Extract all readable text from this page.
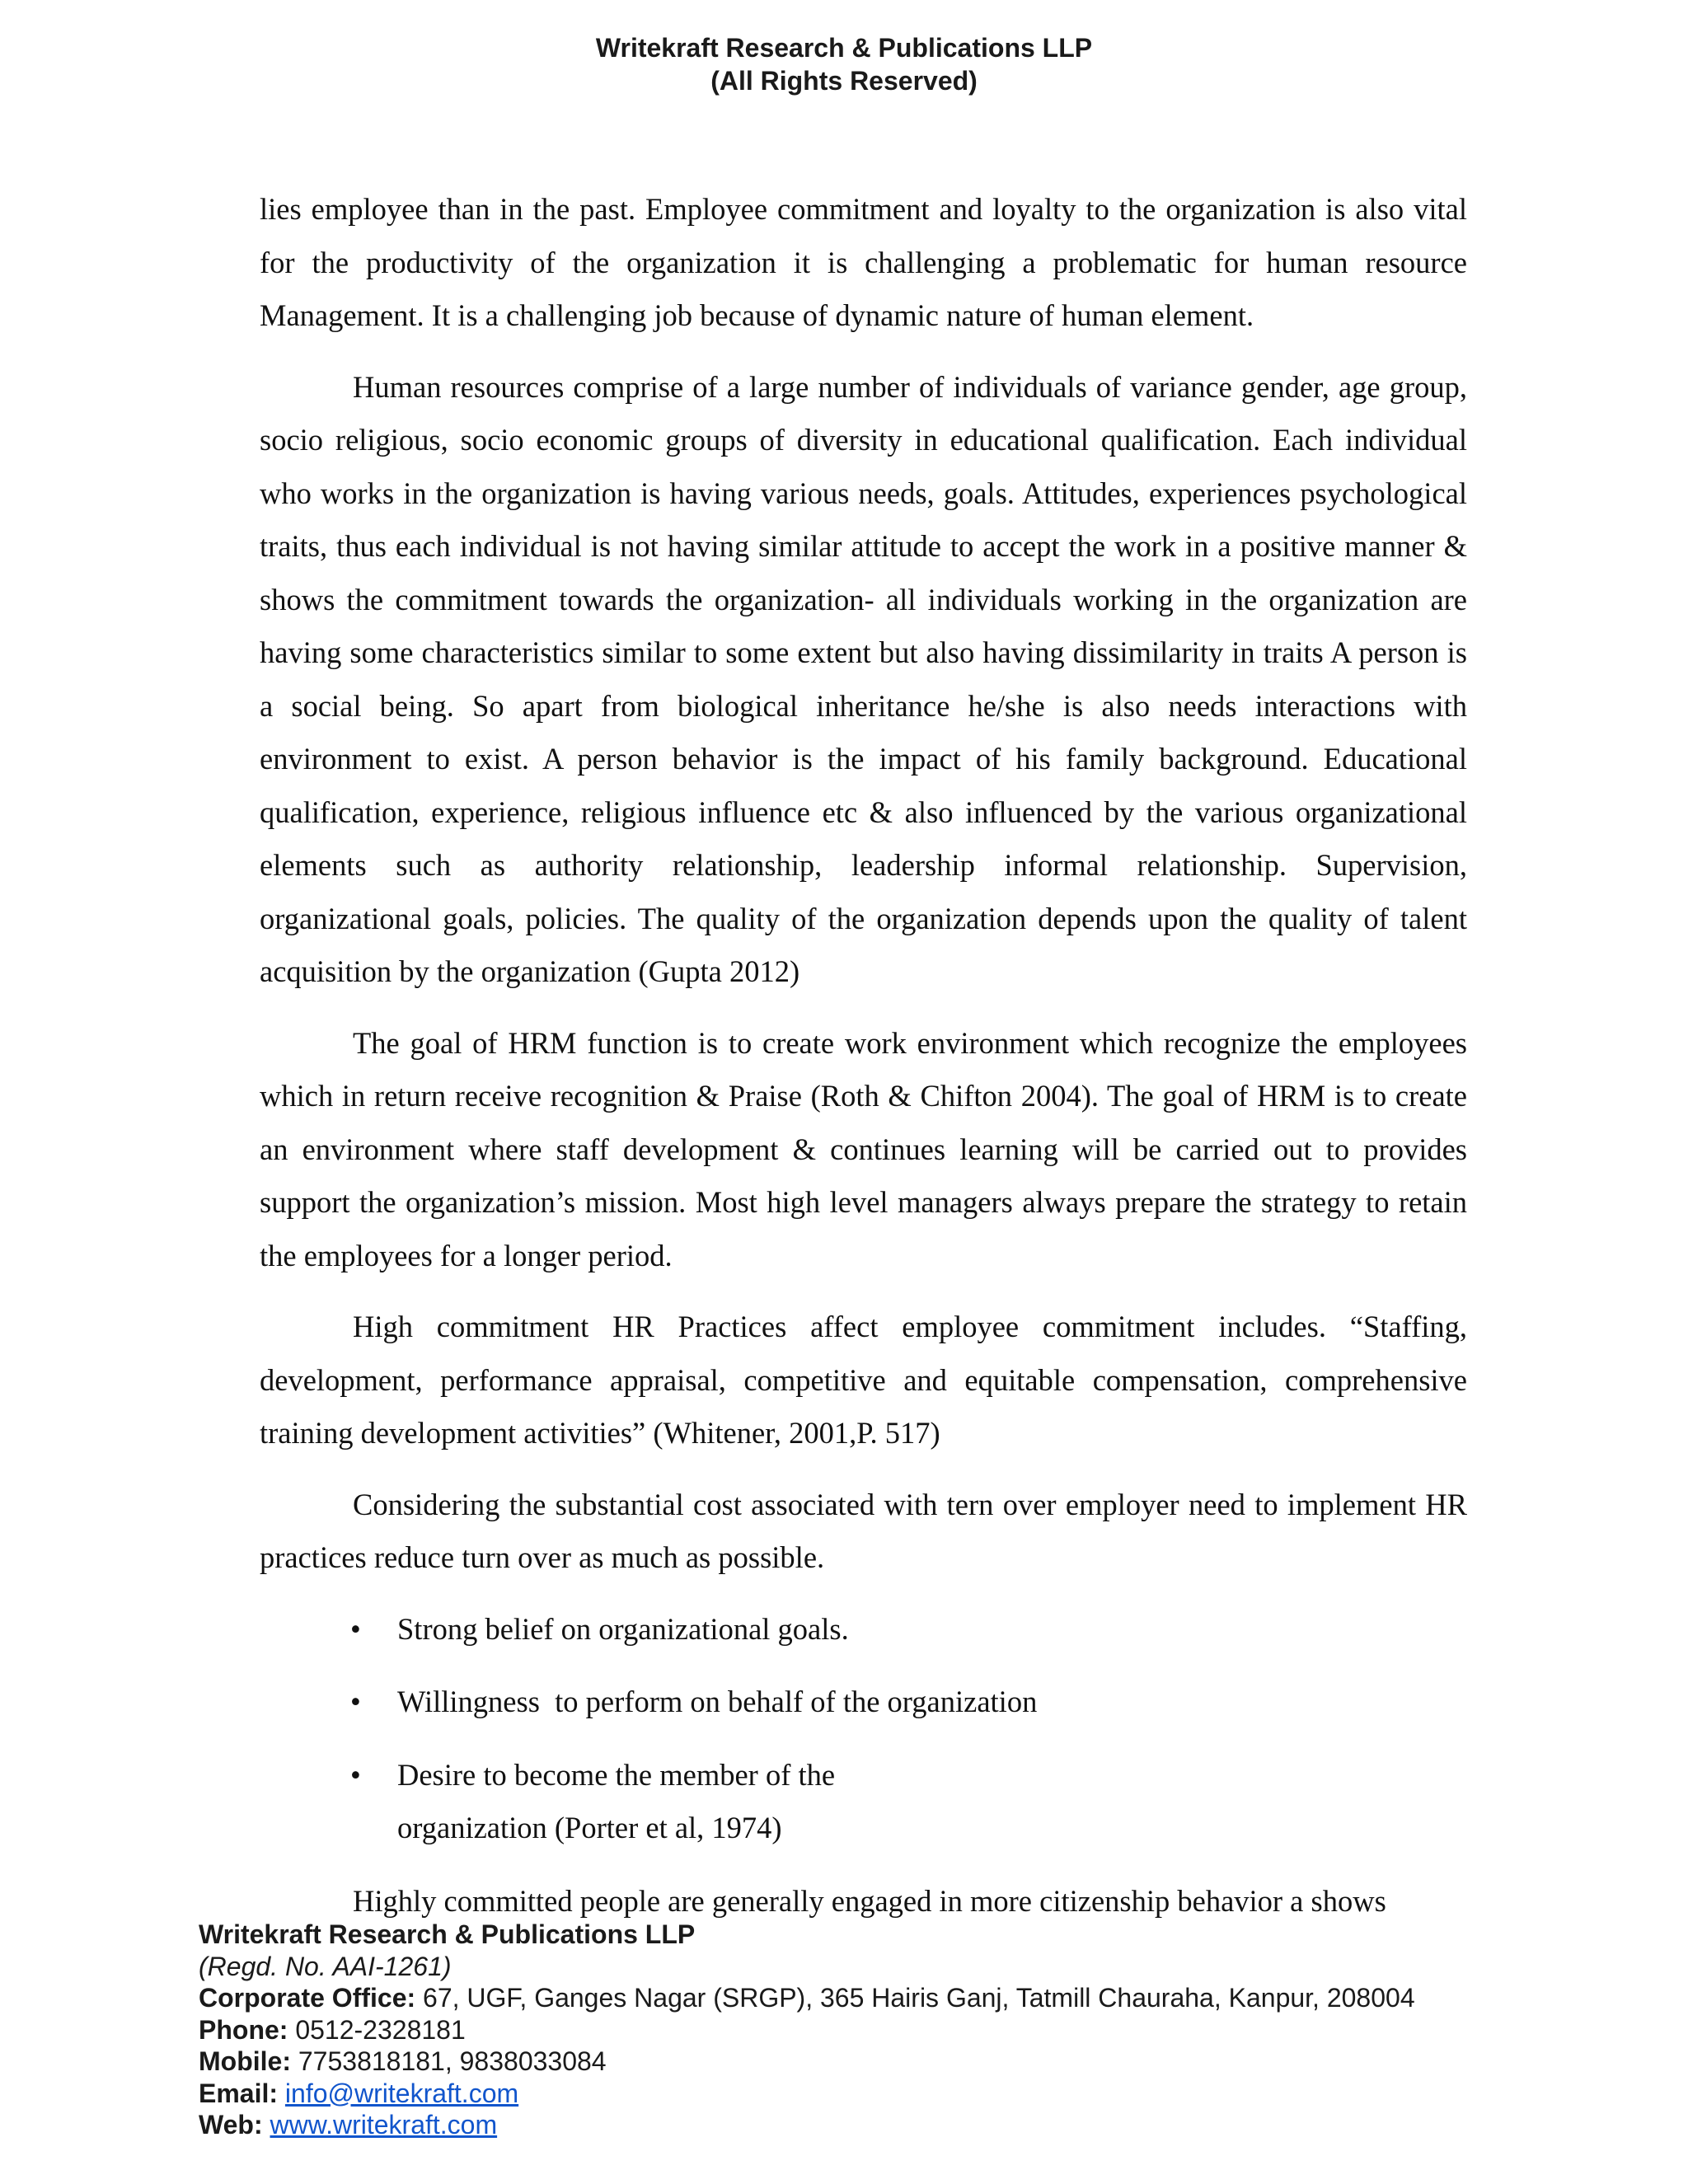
Writekraft Research & Publications LLP
(All Rights Reserved)

lies employee than in the past. Employee commitment and loyalty to the organization is also vital for the productivity of the organization it is challenging a problematic for human resource Management. It is a challenging job because of dynamic nature of human element.

Human resources comprise of a large number of individuals of variance gender, age group, socio religious, socio economic groups of diversity in educational qualification. Each individual who works in the organization is having various needs, goals. Attitudes, experiences psychological traits, thus each individual is not having similar attitude to accept the work in a positive manner & shows the commitment towards the organization- all individuals working in the organization are having some characteristics similar to some extent but also having dissimilarity in traits A person is a social being. So apart from biological inheritance he/she is also needs interactions with environment to exist. A person behavior is the impact of his family background. Educational qualification, experience, religious influence etc & also influenced by the various organizational elements such as authority relationship, leadership informal relationship. Supervision, organizational goals, policies. The quality of the organization depends upon the quality of talent acquisition by the organization (Gupta 2012)

The goal of HRM function is to create work environment which recognize the employees which in return receive recognition & Praise (Roth & Chifton 2004). The goal of HRM is to create an environment where staff development & continues learning will be carried out to provides support the organization’s mission. Most high level managers always prepare the strategy to retain the employees for a longer period.

High commitment HR Practices affect employee commitment includes. “Staffing, development, performance appraisal, competitive and equitable compensation, comprehensive training development activities” (Whitener, 2001,P. 517)

Considering the substantial cost associated with tern over employer need to implement HR practices reduce turn over as much as possible.

• Strong belief on organizational goals.
• Willingness  to perform on behalf of the organization
• Desire to become the member of the organization (Porter et al, 1974)

Highly committed people are generally engaged in more citizenship behavior a shows

Writekraft Research & Publications LLP
(Regd. No. AAI-1261)
Corporate Office: 67, UGF, Ganges Nagar (SRGP), 365 Hairis Ganj, Tatmill Chauraha, Kanpur, 208004
Phone: 0512-2328181
Mobile: 7753818181, 9838033084
Email: info@writekraft.com
Web: www.writekraft.com
